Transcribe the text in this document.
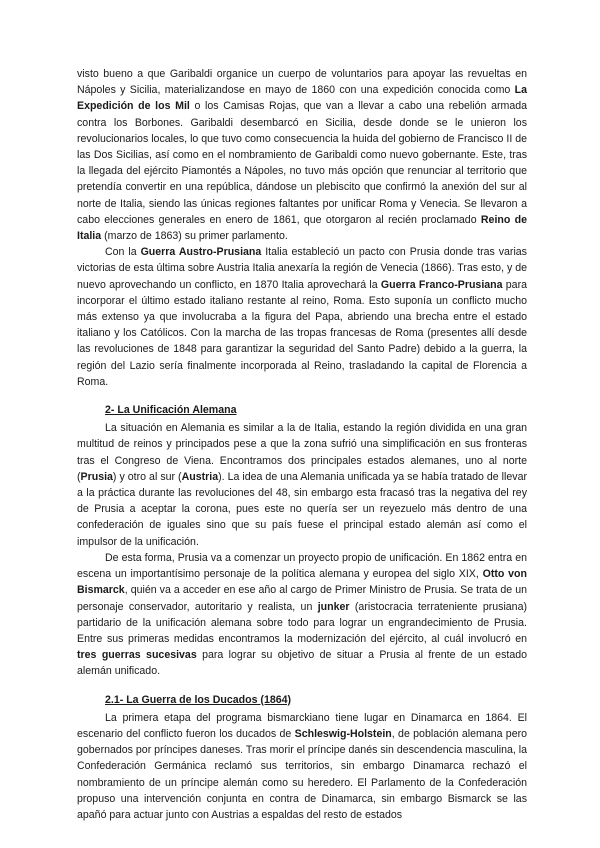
visto bueno a que Garibaldi organice un cuerpo de voluntarios para apoyar las revueltas en Nápoles y Sicilia, materializandose en mayo de 1860 con una expedición conocida como La Expedición de los Mil o los Camisas Rojas, que van a llevar a cabo una rebelión armada contra los Borbones. Garibaldi desembarcó en Sicilia, desde donde se le unieron los revolucionarios locales, lo que tuvo como consecuencia la huida del gobierno de Francisco II de las Dos Sicilias, así como en el nombramiento de Garibaldi como nuevo gobernante. Este, tras la llegada del ejército Piamontés a Nápoles, no tuvo más opción que renunciar al territorio que pretendía convertir en una república, dándose un plebiscito que confirmó la anexión del sur al norte de Italia, siendo las únicas regiones faltantes por unificar Roma y Venecia. Se llevaron a cabo elecciones generales en enero de 1861, que otorgaron al recién proclamado Reino de Italia (marzo de 1863) su primer parlamento.

Con la Guerra Austro-Prusiana Italia estableció un pacto con Prusia donde tras varias victorias de esta última sobre Austria Italia anexaría la región de Venecia (1866). Tras esto, y de nuevo aprovechando un conflicto, en 1870 Italia aprovechará la Guerra Franco-Prusiana para incorporar el último estado italiano restante al reino, Roma. Esto suponía un conflicto mucho más extenso ya que involucraba a la figura del Papa, abriendo una brecha entre el estado italiano y los Católicos. Con la marcha de las tropas francesas de Roma (presentes allí desde las revoluciones de 1848 para garantizar la seguridad del Santo Padre) debido a la guerra, la región del Lazio sería finalmente incorporada al Reino, trasladando la capital de Florencia a Roma.

2- La Unificación Alemana

La situación en Alemania es similar a la de Italia, estando la región dividida en una gran multitud de reinos y principados pese a que la zona sufrió una simplificación en sus fronteras tras el Congreso de Viena. Encontramos dos principales estados alemanes, uno al norte (Prusia) y otro al sur (Austria). La idea de una Alemania unificada ya se había tratado de llevar a la práctica durante las revoluciones del 48, sin embargo esta fracasó tras la negativa del rey de Prusia a aceptar la corona, pues este no quería ser un reyezuelo más dentro de una confederación de iguales sino que su país fuese el principal estado alemán así como el impulsor de la unificación.

De esta forma, Prusia va a comenzar un proyecto propio de unificación. En 1862 entra en escena un importantísimo personaje de la política alemana y europea del siglo XIX, Otto von Bismarck, quién va a acceder en ese año al cargo de Primer Ministro de Prusia. Se trata de un personaje conservador, autoritario y realista, un junker (aristocracia terrateniente prusiana) partidario de la unificación alemana sobre todo para lograr un engrandecimiento de Prusia. Entre sus primeras medidas encontramos la modernización del ejército, al cuál involucró en tres guerras sucesivas para lograr su objetivo de situar a Prusia al frente de un estado alemán unificado.

2.1- La Guerra de los Ducados (1864)

La primera etapa del programa bismarckiano tiene lugar en Dinamarca en 1864. El escenario del conflicto fueron los ducados de Schleswig-Holstein, de población alemana pero gobernados por príncipes daneses. Tras morir el príncipe danés sin descendencia masculina, la Confederación Germánica reclamó sus territorios, sin embargo Dinamarca rechazó el nombramiento de un príncipe alemán como su heredero. El Parlamento de la Confederación propuso una intervención conjunta en contra de Dinamarca, sin embargo Bismarck se las apañó para actuar junto con Austrias a espaldas del resto de estados
